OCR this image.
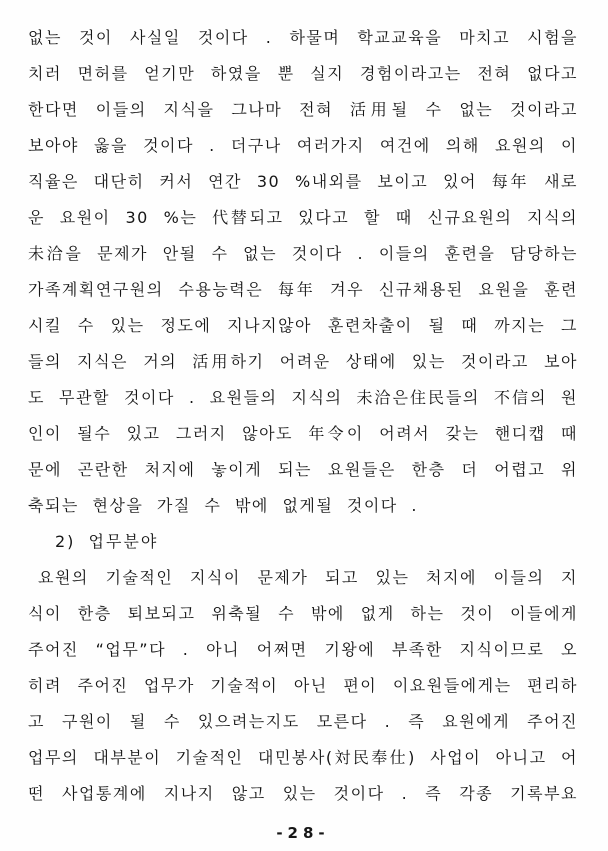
없는 것이 사실일 것이다 . 하물며 학교교육을 마치고 시험을
치러 면허를 얻기만 하였을 뿐 실지 경험이라고는 전혀 없다고
한다면 이들의 지식을 그나마 전혀 活用될 수 없는 것이라고
보아야 옳을 것이다 . 더구나 여러가지 여건에 의해 요원의 이
직율은 대단히 커서 연간 30 %내외를 보이고 있어 每年 새로
운 요원이 30 %는 代替되고 있다고 할 때 신규요원의 지식의
未洽을 문제가 안될 수 없는 것이다 . 이들의 훈련을 담당하는
가족계획연구원의 수용능력은 每年 겨우 신규채용된 요원을 훈련
시킬 수 있는 정도에 지나지않아 훈련차출이 될 때 까지는 그
들의 지식은 거의 活用하기 어려운 상태에 있는 것이라고 보아
도 무관할 것이다 . 요원들의 지식의 未洽은住民들의 不信의 원
인이 될수 있고 그러지 않아도 年令이 어려서 갖는 핸디캡 때
문에 곤란한 처지에 놓이게 되는 요원들은 한층 더 어렵고 위
축되는 현상을 가질 수 밖에 없게될 것이다 .
2) 업무분야
요원의 기술적인 지식이 문제가 되고 있는 처지에 이들의 지
식이 한층 퇴보되고 위축될 수 밖에 없게 하는 것이 이들에게
주어진 “업무”다 . 아니 어쩌면 기왕에 부족한 지식이므로 오
히려 주어진 업무가 기술적이 아닌 편이 이요원들에게는 편리하
고 구원이 될 수 있으려는지도 모른다 . 즉 요원에게 주어진
업무의 대부분이 기술적인 대민봉사(対民奉仕) 사업이 아니고 어
떤 사업통계에 지나지 않고 있는 것이다 . 즉 각종 기록부요
-28-
